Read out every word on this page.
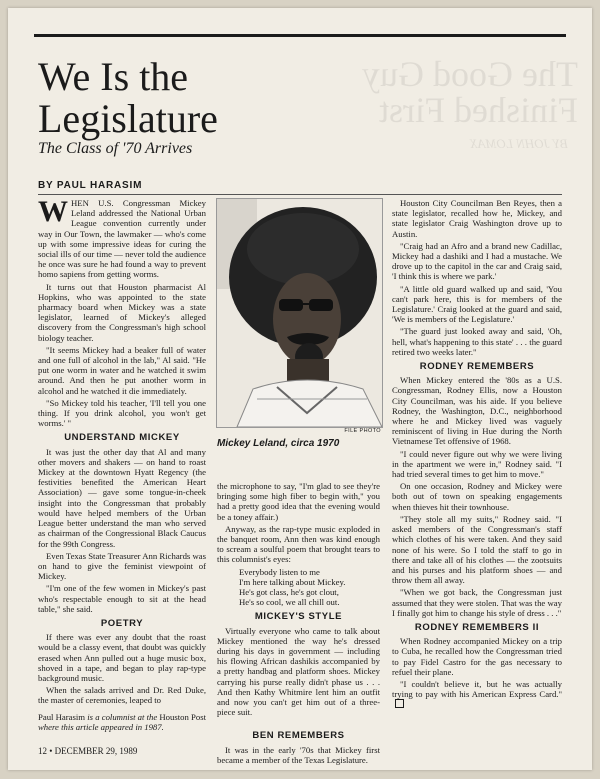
The Good Guy Finished First
BY JOHN LOMAX
We Is the Legislature
The Class of '70 Arrives
BY PAUL HARASIM

WHEN U.S. Congressman Mickey Leland addressed the National Urban League convention currently under way in Our Town, the lawmaker — who's come up with some impressive ideas for curing the social ills of our time — never told the audience he once was sure he had found a way to prevent homo sapiens from getting worms.

It turns out that Houston pharmacist Al Hopkins, who was appointed to the state pharmacy board when Mickey was a state legislator, learned of Mickey's alleged discovery from the Congressman's high school biology teacher.

"It seems Mickey had a beaker full of water and one full of alcohol in the lab," Al said. "He put one worm in water and he watched it swim around. And then he put another worm in alcohol and he watched it die immediately.

"So Mickey told his teacher, 'I'll tell you one thing. If you drink alcohol, you won't get worms.' "

UNDERSTAND MICKEY

It was just the other day that Al and many other movers and shakers — on hand to roast Mickey at the downtown Hyatt Regency (the festivities benefited the American Heart Association) — gave some tongue-in-cheek insight into the Congressman that probably would have helped members of the Urban League better understand the man who served as chairman of the Congressional Black Caucus for the 99th Congress.

Even Texas State Treasurer Ann Richards was on hand to give the feminist viewpoint of Mickey.

"I'm one of the few women in Mickey's past who's respectable enough to sit at the head table," she said.

POETRY

If there was ever any doubt that the roast would be a classy event, that doubt was quickly erased when Ann pulled out a huge music box, shoved in a tape, and began to play rap-type background music.

When the salads arrived and Dr. Red Duke, the master of ceremonies, leaped to

Paul Harasim is a columnist at the Houston Post where this article appeared in 1987.

FILE PHOTO
Mickey Leland, circa 1970

the microphone to say, "I'm glad to see they're bringing some high fiber to begin with," you had a pretty good idea that the evening would be a toney affair.)

Anyway, as the rap-type music exploded in the banquet room, Ann then was kind enough to scream a soulful poem that brought tears to this columnist's eyes:

Everybody listen to me
I'm here talking about Mickey.
He's got class, he's got clout,
He's so cool, we all chill out.
MICKEY'S STYLE

Virtually everyone who came to talk about Mickey mentioned the way he's dressed during his days in government — including his flowing African dashikis accompanied by a pretty handbag and platform shoes. Mickey carrying his purse really didn't phase us . . . And then Kathy Whitmire lent him an outfit and now you can't get him out of a three- piece suit.

BEN REMEMBERS

It was in the early '70s that Mickey first became a member of the Texas Legislature.

Houston City Councilman Ben Reyes, then a state legislator, recalled how he, Mickey, and state legislator Craig Washington drove up to Austin.

"Craig had an Afro and a brand new Cadillac, Mickey had a dashiki and I had a mustache. We drove up to the capitol in the car and Craig said, 'I think this is where we park.'

"A little old guard walked up and said, 'You can't park here, this is for members of the Legislature.' Craig looked at the guard and said, 'We is members of the Legislature.'

"The guard just looked away and said, 'Oh, hell, what's happening to this state' . . . the guard retired two weeks later."

RODNEY REMEMBERS

When Mickey entered the '80s as a U.S. Congressman, Rodney Ellis, now a Houston City Councilman, was his aide. If you believe Rodney, the Washington, D.C., neighborhood where he and Mickey lived was vaguely reminiscent of living in Hue during the North Vietnamese Tet offensive of 1968.

"I could never figure out why we were living in the apartment we were in," Rodney said. "I had tried several times to get him to move."

On one occasion, Rodney and Mickey were both out of town on speaking engagements when thieves hit their townhouse.

"They stole all my suits," Rodney said. "I asked members of the Congressman's staff which clothes of his were taken. And they said none of his were. So I told the staff to go in there and take all of his clothes — the zootsuits and his purses and his platform shoes — and throw them all away.

"When we got back, the Congressman just assumed that they were stolen. That was the way I finally got him to change his style of dress . . ."

RODNEY REMEMBERS II

When Rodney accompanied Mickey on a trip to Cuba, he recalled how the Congressman tried to pay Fidel Castro for the gas necessary to refuel their plane.

"I couldn't believe it, but he was actually trying to pay with his American Express Card."

12 • DECEMBER 29, 1989
